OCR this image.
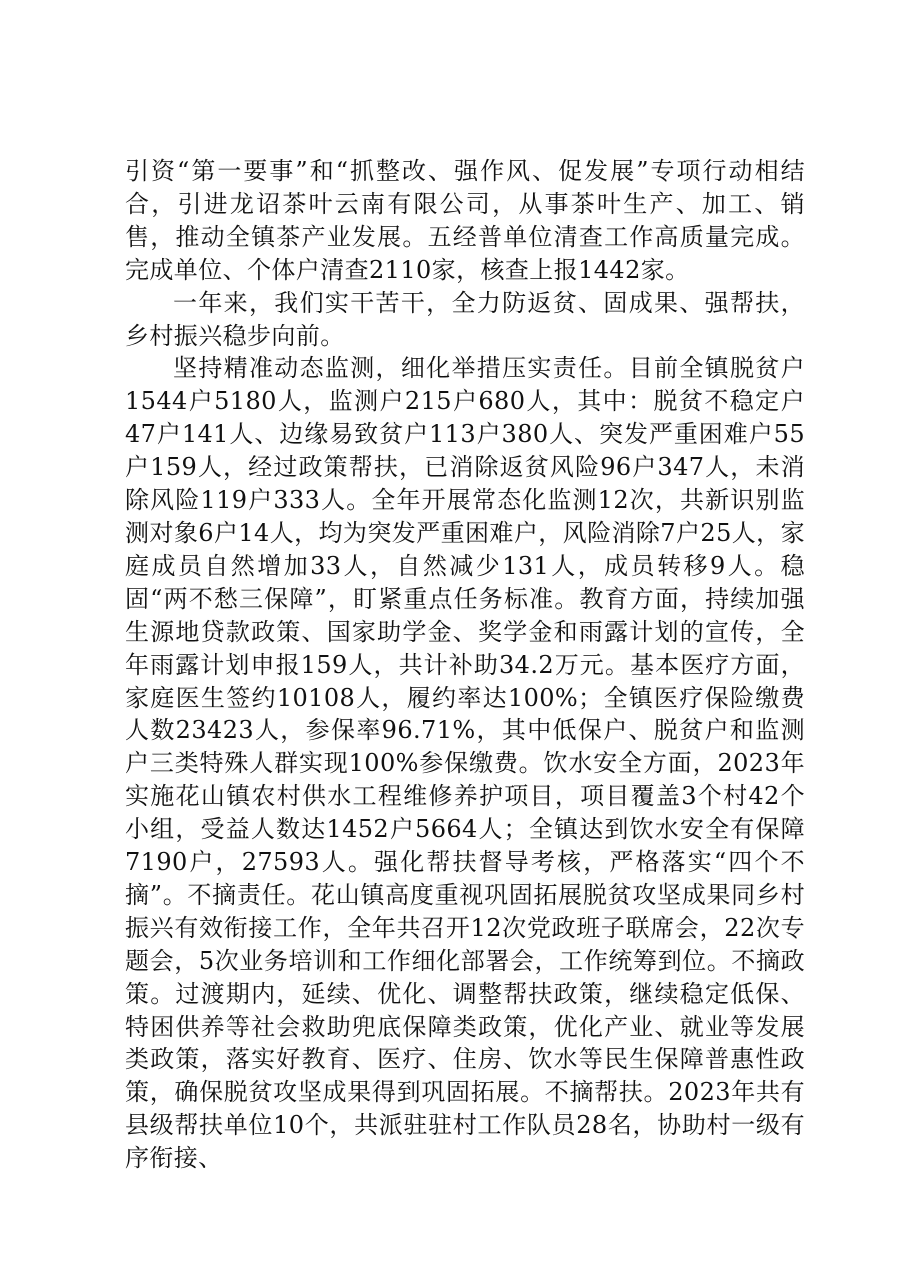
引资“第一要事”和“抓整改、强作风、促发展”专项行动相结合，引进龙诏茶叶云南有限公司，从事茶叶生产、加工、销售，推动全镇茶产业发展。五经普单位清查工作高质量完成。完成单位、个体户清查2110家，核查上报1442家。

一年来，我们实干苦干，全力防返贫、固成果、强帮扶，乡村振兴稳步向前。

坚持精准动态监测，细化举措压实责任。目前全镇脱贫户1544户5180人，监测户215户680人，其中：脱贫不稳定户47户141人、边缘易致贫户113户380人、突发严重困难户55户159人，经过政策帮扶，已消除返贫风险96户347人，未消除风险119户333人。全年开展常态化监测12次，共新识别监测对象6户14人，均为突发严重困难户，风险消除7户25人，家庭成员自然增加33人，自然减少131人，成员转移9人。稳固“两不愁三保障”，盯紧重点任务标准。教育方面，持续加强生源地贷款政策、国家助学金、奖学金和雨露计划的宣传，全年雨露计划申报159人，共计补助34.2万元。基本医疗方面，家庭医生签约10108人，履约率达100%；全镇医疗保险缴费人数23423人，参保率96.71%，其中低保户、脱贫户和监测户三类特殊人群实现100%参保缴费。饮水安全方面，2023年实施花山镇农村供水工程维修养护项目，项目覆盖3个村42个小组，受益人数达1452户5664人；全镇达到饮水安全有保障7190户，27593人。强化帮扶督导考核，严格落实“四个不摘”。不摘责任。花山镇高度重视巩固拓展脱贫攻坚成果同乡村振兴有效衔接工作，全年共召开12次党政班子联席会，22次专题会，5次业务培训和工作细化部署会，工作统筹到位。不摘政策。过渡期内，延续、优化、调整帮扶政策，继续稳定低保、特困供养等社会救助兜底保障类政策，优化产业、就业等发展类政策，落实好教育、医疗、住房、饮水等民生保障普惠性政策，确保脱贫攻坚成果得到巩固拓展。不摘帮扶。2023年共有县级帮扶单位10个，共派驻驻村工作队员28名，协助村一级有序衔接、
